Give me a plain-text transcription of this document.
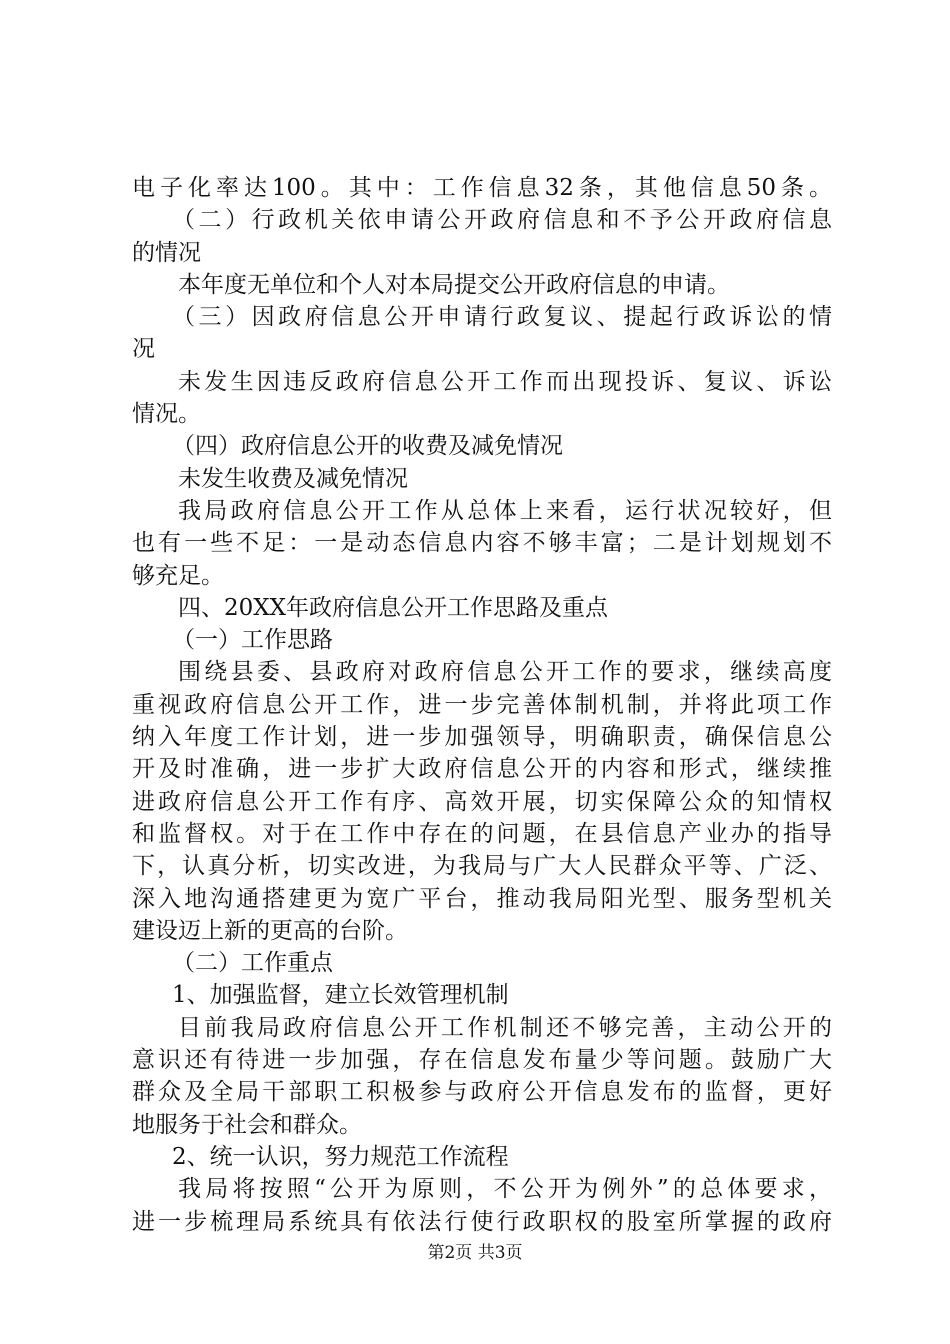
电子化率达100。其中：工作信息32条，其他信息50条。
（二）行政机关依申请公开政府信息和不予公开政府信息
的情况
本年度无单位和个人对本局提交公开政府信息的申请。
（三）因政府信息公开申请行政复议、提起行政诉讼的情
况
未发生因违反政府信息公开工作而出现投诉、复议、诉讼
情况。
（四）政府信息公开的收费及减免情况
未发生收费及减免情况
我局政府信息公开工作从总体上来看，运行状况较好，但
也有一些不足：一是动态信息内容不够丰富；二是计划规划不
够充足。
四、20XX年政府信息公开工作思路及重点
（一）工作思路
围绕县委、县政府对政府信息公开工作的要求，继续高度
重视政府信息公开工作，进一步完善体制机制，并将此项工作
纳入年度工作计划，进一步加强领导，明确职责，确保信息公
开及时准确，进一步扩大政府信息公开的内容和形式，继续推
进政府信息公开工作有序、高效开展，切实保障公众的知情权
和监督权。对于在工作中存在的问题，在县信息产业办的指导
下，认真分析，切实改进，为我局与广大人民群众平等、广泛、
深入地沟通搭建更为宽广平台，推动我局阳光型、服务型机关
建设迈上新的更高的台阶。
（二）工作重点
1、加强监督，建立长效管理机制
目前我局政府信息公开工作机制还不够完善，主动公开的
意识还有待进一步加强，存在信息发布量少等问题。鼓励广大
群众及全局干部职工积极参与政府公开信息发布的监督，更好
地服务于社会和群众。
2、统一认识，努力规范工作流程
我局将按照“公开为原则，不公开为例外”的总体要求，
进一步梳理局系统具有依法行使行政职权的股室所掌握的政府
第2页 共3页
